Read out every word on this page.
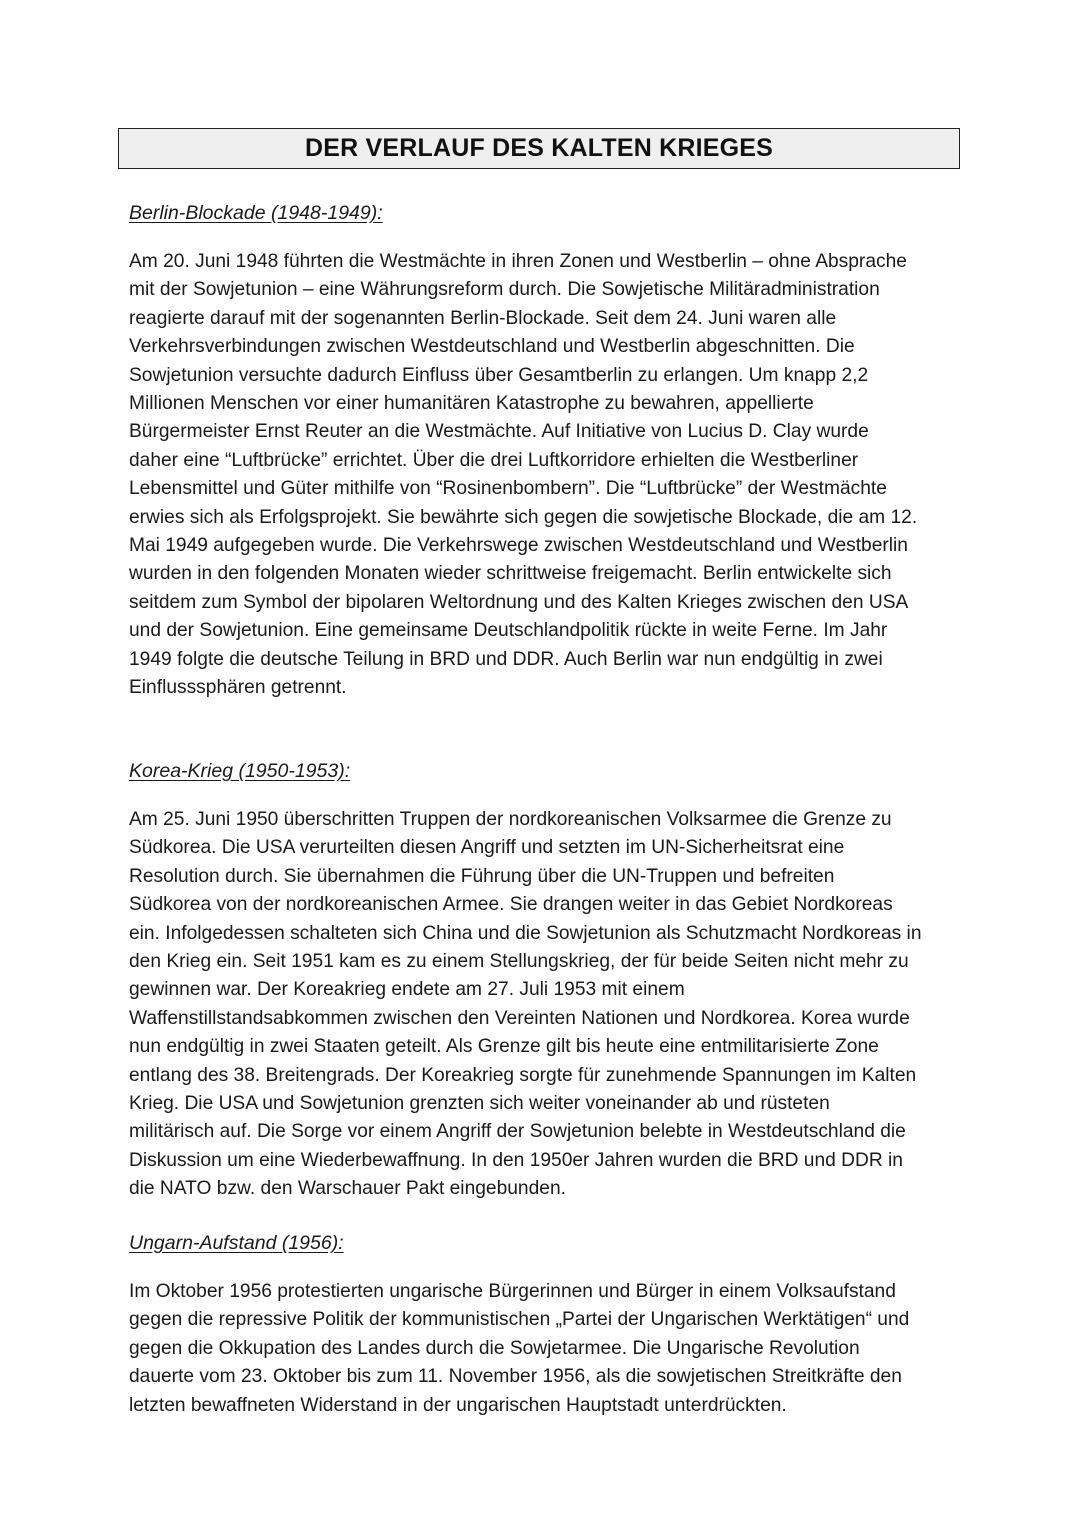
DER VERLAUF DES KALTEN KRIEGES
Berlin-Blockade (1948-1949):

Am 20. Juni 1948 führten die Westmächte in ihren Zonen und Westberlin – ohne Absprache
mit der Sowjetunion – eine Währungsreform durch. Die Sowjetische Militäradministration
reagierte darauf mit der sogenannten Berlin-Blockade. Seit dem 24. Juni waren alle
Verkehrsverbindungen zwischen Westdeutschland und Westberlin abgeschnitten. Die
Sowjetunion versuchte dadurch Einfluss über Gesamtberlin zu erlangen. Um knapp 2,2
Millionen Menschen vor einer humanitären Katastrophe zu bewahren, appellierte
Bürgermeister Ernst Reuter an die Westmächte. Auf Initiative von Lucius D. Clay wurde
daher eine “Luftbrücke” errichtet. Über die drei Luftkorridore erhielten die Westberliner
Lebensmittel und Güter mithilfe von “Rosinenbombern”. Die “Luftbrücke” der Westmächte
erwies sich als Erfolgsprojekt. Sie bewährte sich gegen die sowjetische Blockade, die am 12.
Mai 1949 aufgegeben wurde. Die Verkehrswege zwischen Westdeutschland und Westberlin
wurden in den folgenden Monaten wieder schrittweise freigemacht. Berlin entwickelte sich
seitdem zum Symbol der bipolaren Weltordnung und des Kalten Krieges zwischen den USA
und der Sowjetunion. Eine gemeinsame Deutschlandpolitik rückte in weite Ferne. Im Jahr
1949 folgte die deutsche Teilung in BRD und DDR. Auch Berlin war nun endgültig in zwei
Einflusssphären getrennt.

Korea-Krieg (1950-1953):

Am 25. Juni 1950 überschritten Truppen der nordkoreanischen Volksarmee die Grenze zu
Südkorea. Die USA verurteilten diesen Angriff und setzten im UN-Sicherheitsrat eine
Resolution durch. Sie übernahmen die Führung über die UN-Truppen und befreiten
Südkorea von der nordkoreanischen Armee. Sie drangen weiter in das Gebiet Nordkoreas
ein. Infolgedessen schalteten sich China und die Sowjetunion als Schutzmacht Nordkoreas in
den Krieg ein. Seit 1951 kam es zu einem Stellungskrieg, der für beide Seiten nicht mehr zu
gewinnen war. Der Koreakrieg endete am 27. Juli 1953 mit einem
Waffenstillstandsabkommen zwischen den Vereinten Nationen und Nordkorea. Korea wurde
nun endgültig in zwei Staaten geteilt. Als Grenze gilt bis heute eine entmilitarisierte Zone
entlang des 38. Breitengrads. Der Koreakrieg sorgte für zunehmende Spannungen im Kalten
Krieg. Die USA und Sowjetunion grenzten sich weiter voneinander ab und rüsteten
militärisch auf. Die Sorge vor einem Angriff der Sowjetunion belebte in Westdeutschland die
Diskussion um eine Wiederbewaffnung. In den 1950er Jahren wurden die BRD und DDR in
die NATO bzw. den Warschauer Pakt eingebunden.

Ungarn-Aufstand (1956):

Im Oktober 1956 protestierten ungarische Bürgerinnen und Bürger in einem Volksaufstand
gegen die repressive Politik der kommunistischen „Partei der Ungarischen Werktätigen“ und
gegen die Okkupation des Landes durch die Sowjetarmee. Die Ungarische Revolution
dauerte vom 23. Oktober bis zum 11. November 1956, als die sowjetischen Streitkräfte den
letzten bewaffneten Widerstand in der ungarischen Hauptstadt unterdrückten.
